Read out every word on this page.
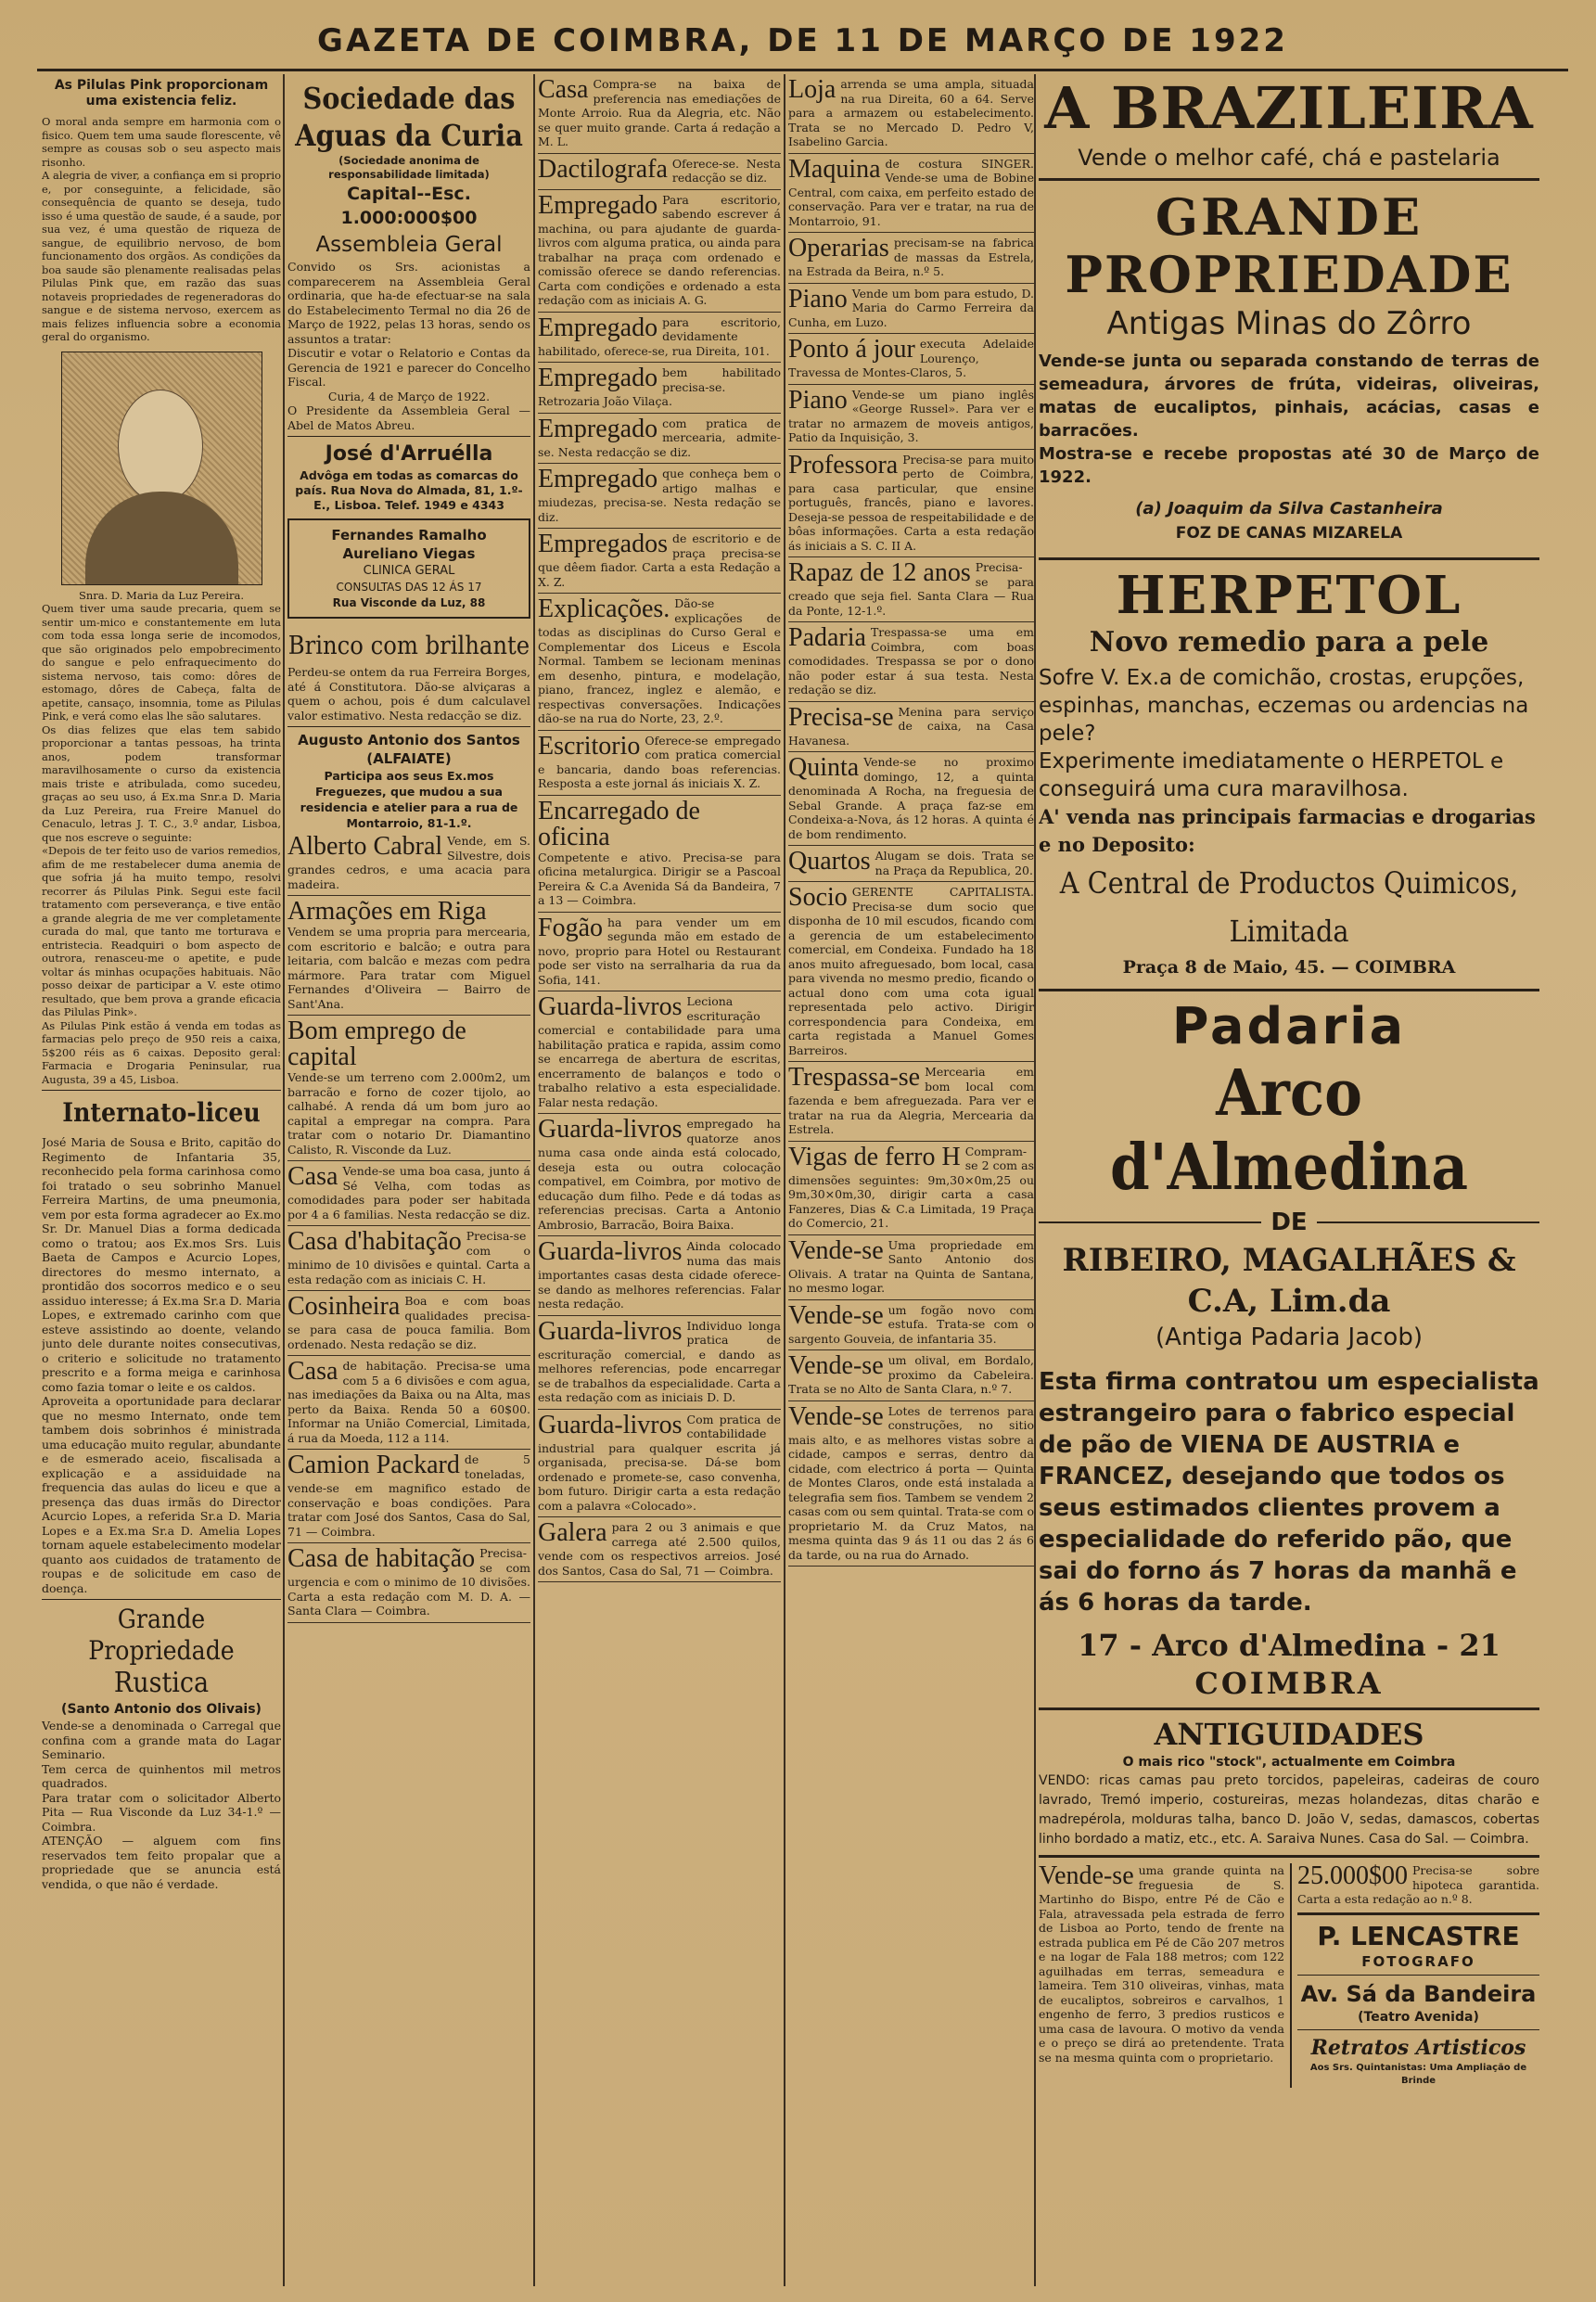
GAZETA DE COIMBRA, DE 11 DE MARÇO DE 1922

As Pilulas Pink proporcionam uma existencia feliz.

O moral anda sempre em harmonia com o fisico. Quem tem uma saude florescente, vê sempre as cousas sob o seu aspecto mais risonho.

A alegria de viver, a confiança em si proprio e, por conseguinte, a felicidade, são consequência de quanto se deseja, tudo isso é uma questão de saude, é a saude, por sua vez, é uma questão de riqueza de sangue, de equilibrio nervoso, de bom funcionamento dos orgãos. As condições da boa saude são plenamente realisadas pelas Pilulas Pink que, em razão das suas notaveis propriedades de regeneradoras do sangue e de sistema nervoso, exercem as mais felizes influencia sobre a economia geral do organismo.

Snra. D. Maria da Luz Pereira.

Quem tiver uma saude precaria, quem se sentir um-mico e constantemente em luta com toda essa longa serie de incomodos, que são originados pelo empobrecimento do sangue e pelo enfraquecimento do sistema nervoso, tais como: dôres de estomago, dôres de Cabeça, falta de apetite, cansaço, insomnia, tome as Pilulas Pink, e verá como elas lhe são salutares.

Os dias felizes que elas tem sabido proporcionar a tantas pessoas, ha trinta anos, podem transformar maravilhosamente o curso da existencia mais triste e atribulada, como sucedeu, graças ao seu uso, á Ex.ma Snr.a D. Maria da Luz Pereira, rua Freire Manuel do Cenaculo, letras J. T. C., 3.º andar, Lisboa, que nos escreve o seguinte:

«Depois de ter feito uso de varios remedios, afim de me restabelecer duma anemia de que sofria já ha muito tempo, resolvi recorrer ás Pilulas Pink. Segui este facil tratamento com perseverança, e tive então a grande alegria de me ver completamente curada do mal, que tanto me torturava e entristecia. Readquiri o bom aspecto de outrora, renasceu-me o apetite, e pude voltar ás minhas ocupações habituais. Não posso deixar de participar a V. este otimo resultado, que bem prova a grande eficacia das Pilulas Pink».

As Pilulas Pink estão á venda em todas as farmacias pelo preço de 950 reis a caixa, 5$200 réis as 6 caixas. Deposito geral: Farmacia e Drogaria Peninsular, rua Augusta, 39 a 45, Lisboa.

Internato-liceu

José Maria de Sousa e Brito, capitão do Regimento de Infantaria 35, reconhecido pela forma carinhosa como foi tratado o seu sobrinho Manuel Ferreira Martins, de uma pneumonia, vem por esta forma agradecer ao Ex.mo Sr. Dr. Manuel Dias a forma dedicada como o tratou; aos Ex.mos Srs. Luis Baeta de Campos e Acurcio Lopes, directores do mesmo internato, a prontidão dos socorros medico e o seu assiduo interesse; á Ex.ma Sr.a D. Maria Lopes, e extremado carinho com que esteve assistindo ao doente, velando junto dele durante noites consecutivas, o criterio e solicitude no tratamento prescrito e a forma meiga e carinhosa como fazia tomar o leite e os caldos.

Aproveita a oportunidade para declarar que no mesmo Internato, onde tem tambem dois sobrinhos é ministrada uma educação muito regular, abundante e de esmerado aceio, fiscalisada a explicação e a assiduidade na frequencia das aulas do liceu e que a presença das duas irmãs do Director Acurcio Lopes, a referida Sr.a D. Maria Lopes e a Ex.ma Sr.a D. Amelia Lopes tornam aquele estabelecimento modelar quanto aos cuidados de tratamento de roupas e de solicitude em caso de doença.

Grande Propriedade

Rustica

(Santo Antonio dos Olivais)

Vende-se a denominada o Carregal que confina com a grande mata do Lagar Seminario.

Tem cerca de quinhentos mil metros quadrados.

Para tratar com o solicitador Alberto Pita — Rua Visconde da Luz 34-1.º — Coimbra.

ATENÇÃO — alguem com fins reservados tem feito propalar que a propriedade que se anuncia está vendida, o que não é verdade.

Sociedade das

Aguas da Curia

(Sociedade anonima de responsabilidade limitada)

Capital--Esc. 1.000:000$00

Assembleia Geral

Convido os Srs. acionistas a comparecerem na Assembleia Geral ordinaria, que ha-de efectuar-se na sala do Estabelecimento Termal no dia 26 de Março de 1922, pelas 13 horas, sendo os assuntos a tratar:

Discutir e votar o Relatorio e Contas da Gerencia de 1921 e parecer do Concelho Fiscal.

Curia, 4 de Março de 1922.

O Presidente da Assembleia Geral — Abel de Matos Abreu.

José d'Arruélla

Advôga em todas as comarcas do país. Rua Nova do Almada, 81, 1.º-E., Lisboa. Telef. 1949 e 4343

Fernandes Ramalho

Aureliano Viegas

CLINICA GERAL

CONSULTAS DAS 12 ÁS 17

Rua Visconde da Luz, 88

Brinco com brilhante

Perdeu-se ontem da rua Ferreira Borges, até á Constitutora. Dão-se alviçaras a quem o achou, pois é dum calculavel valor estimativo. Nesta redacção se diz.

Augusto Antonio dos Santos

(ALFAIATE)

Participa aos seus Ex.mos Freguezes, que mudou a sua residencia e atelier para a rua de Montarroio, 81-1.º.

Alberto Cabral Vende, em S. Silvestre, dois grandes cedros, e uma acacia para madeira.

Armações em Riga

Vendem se uma propria para mercearia, com escritorio e balcão; e outra para leitaria, com balcão e mezas com pedra mármore. Para tratar com Miguel Fernandes d'Oliveira — Bairro de Sant'Ana.

Bom emprego de capital

Vende-se um terreno com 2.000m2, um barracão e forno de cozer tijolo, ao calhabé. A renda dá um bom juro ao capital a empregar na compra. Para tratar com o notario Dr. Diamantino Calisto, R. Visconde da Luz.

Casa Vende-se uma boa casa, junto á Sé Velha, com todas as comodidades para poder ser habitada por 4 a 6 familias. Nesta redacção se diz.

Casa d'habitação Precisa-se com o minimo de 10 divisões e quintal. Carta a esta redação com as iniciais C. H.

Cosinheira Boa e com boas qualidades precisa-se para casa de pouca familia. Bom ordenado. Nesta redação se diz.

Casa de habitação. Precisa-se uma com 5 a 6 divisões e com agua, nas imediações da Baixa ou na Alta, mas perto da Baixa. Renda 50 a 60$00. Informar na União Comercial, Limitada, á rua da Moeda, 112 a 114.

Camion Packard de 5 toneladas, vende-se em magnifico estado de conservação e boas condições. Para tratar com José dos Santos, Casa do Sal, 71 — Coimbra.

Casa de habitação Precisa-se com urgencia e com o minimo de 10 divisões. Carta a esta redação com M. D. A. — Santa Clara — Coimbra.

Casa Compra-se na baixa de preferencia nas emediações de Monte Arroio. Rua da Alegria, etc. Não se quer muito grande. Carta á redação a M. L.

Dactilografa Oferece-se. Nesta redacção se diz.

Empregado Para escritorio, sabendo escrever á machina, ou para ajudante de guarda-livros com alguma pratica, ou ainda para trabalhar na praça com ordenado e comissão oferece se dando referencias. Carta com condições e ordenado a esta redação com as iniciais A. G.

Empregado para escritorio, devidamente habilitado, oferece-se, rua Direita, 101.

Empregado bem habilitado precisa-se. Retrozaria João Vilaça.

Empregado com pratica de mercearia, admite-se. Nesta redacção se diz.

Empregado que conheça bem o artigo malhas e miudezas, precisa-se. Nesta redação se diz.

Empregados de escritorio e de praça precisa-se que dêem fiador. Carta a esta Redação a X. Z.

Explicações. Dão-se explicações de todas as disciplinas do Curso Geral e Complementar dos Liceus e Escola Normal. Tambem se lecionam meninas em desenho, pintura, e modelação, piano, francez, inglez e alemão, e respectivas conversações. Indicações dão-se na rua do Norte, 23, 2.º.

Escritorio Oferece-se empregado com pratica comercial e bancaria, dando boas referencias. Resposta a este jornal ás iniciais X. Z.

Encarregado de oficina

Competente e ativo. Precisa-se para oficina metalurgica. Dirigir se a Pascoal Pereira & C.a Avenida Sá da Bandeira, 7 a 13 — Coimbra.

Fogão ha para vender um em segunda mão em estado de novo, proprio para Hotel ou Restaurant pode ser visto na serralharia da rua da Sofia, 141.

Guarda-livros Leciona escrituração comercial e contabilidade para uma habilitação pratica e rapida, assim como se encarrega de abertura de escritas, encerramento de balanços e todo o trabalho relativo a esta especialidade. Falar nesta redação.

Guarda-livros empregado ha quatorze anos numa casa onde ainda está colocado, deseja esta ou outra colocação compativel, em Coimbra, por motivo de educação dum filho. Pede e dá todas as referencias precisas. Carta a Antonio Ambrosio, Barracão, Boira Baixa.

Guarda-livros Ainda colocado numa das mais importantes casas desta cidade oferece-se dando as melhores referencias. Falar nesta redação.

Guarda-livros Individuo longa pratica de escrituração comercial, e dando as melhores referencias, pode encarregar se de trabalhos da especialidade. Carta a esta redação com as iniciais D. D.

Guarda-livros Com pratica de contabilidade industrial para qualquer escrita já organisada, precisa-se. Dá-se bom ordenado e promete-se, caso convenha, bom futuro. Dirigir carta a esta redação com a palavra «Colocado».

Galera para 2 ou 3 animais e que carrega até 2.500 quilos, vende com os respectivos arreios. José dos Santos, Casa do Sal, 71 — Coimbra.

Loja arrenda se uma ampla, situada na rua Direita, 60 a 64. Serve para a armazem ou estabelecimento. Trata se no Mercado D. Pedro V, Isabelino Garcia.

Maquina de costura SINGER. Vende-se uma de Bobine Central, com caixa, em perfeito estado de conservação. Para ver e tratar, na rua de Montarroio, 91.

Operarias precisam-se na fabrica de massas da Estrela, na Estrada da Beira, n.º 5.

Piano Vende um bom para estudo, D. Maria do Carmo Ferreira da Cunha, em Luzo.

Ponto á jour executa Adelaide Lourenço, Travessa de Montes-Claros, 5.

Piano Vende-se um piano inglês «George Russel». Para ver e tratar no armazem de moveis antigos, Patio da Inquisição, 3.

Professora Precisa-se para muito perto de Coimbra, para casa particular, que ensine português, francês, piano e lavores. Deseja-se pessoa de respeitabilidade e de bôas informações. Carta a esta redação ás iniciais a S. C. II A.

Rapaz de 12 anos Precisa-se para creado que seja fiel. Santa Clara — Rua da Ponte, 12-1.º.

Padaria Trespassa-se uma em Coimbra, com boas comodidades. Trespassa se por o dono não poder estar á sua testa. Nesta redação se diz.

Precisa-se Menina para serviço de caixa, na Casa Havanesa.

Quinta Vende-se no proximo domingo, 12, a quinta denominada A Rocha, na freguesia de Sebal Grande. A praça faz-se em Condeixa-a-Nova, ás 12 horas. A quinta é de bom rendimento.

Quartos Alugam se dois. Trata se na Praça da Republica, 20.

Socio GERENTE CAPITALISTA. Precisa-se dum socio que disponha de 10 mil escudos, ficando com a gerencia de um estabelecimento comercial, em Condeixa. Fundado ha 18 anos muito afreguesado, bom local, casa para vivenda no mesmo predio, ficando o actual dono com uma cota igual representada pelo activo. Dirigir correspondencia para Condeixa, em carta registada a Manuel Gomes Barreiros.

Trespassa-se Mercearia em bom local com fazenda e bem afreguezada. Para ver e tratar na rua da Alegria, Mercearia da Estrela.

Vigas de ferro H Compram-se 2 com as dimensões seguintes: 9m,30×0m,25 ou 9m,30×0m,30, dirigir carta a casa Fanzeres, Dias & C.a Limitada, 19 Praça do Comercio, 21.

Vende-se Uma propriedade em Santo Antonio dos Olivais. A tratar na Quinta de Santana, no mesmo logar.

Vende-se um fogão novo com estufa. Trata-se com o sargento Gouveia, de infantaria 35.

Vende-se um olival, em Bordalo, proximo da Cabeleira. Trata se no Alto de Santa Clara, n.º 7.

Vende-se Lotes de terrenos para construções, no sitio mais alto, e as melhores vistas sobre a cidade, campos e serras, dentro da cidade, com electrico á porta — Quinta de Montes Claros, onde está instalada a telegrafia sem fios. Tambem se vendem 2 casas com ou sem quintal. Trata-se com o proprietario M. da Cruz Matos, na mesma quinta das 9 ás 11 ou das 2 ás 6 da tarde, ou na rua do Arnado.

A BRAZILEIRA

Vende o melhor café, chá e pastelaria

GRANDE

PROPRIEDADE

Antigas Minas do Zôrro

Vende-se junta ou separada constando de terras de semeadura, árvores de frúta, videiras, oliveiras, matas de eucaliptos, pinhais, acácias, casas e barracões.

Mostra-se e recebe propostas até 30 de Março de 1922.

(a) Joaquim da Silva Castanheira

FOZ DE CANAS MIZARELA

HERPETOL

Novo remedio para a pele

Sofre V. Ex.a de comichão, crostas, erupções, espinhas, manchas, eczemas ou ardencias na pele?

Experimente imediatamente o HERPETOL e conseguirá uma cura maravilhosa.

A' venda nas principais farmacias e drogarias e no Deposito:

A Central de Productos Quimicos, Limitada

Praça 8 de Maio, 45. — COIMBRA

Padaria

Arco d'Almedina

DE

RIBEIRO, MAGALHÃES & C.A, Lim.da

(Antiga Padaria Jacob)

Esta firma contratou um especialista estrangeiro para o fabrico especial de pão de VIENA DE AUSTRIA e FRANCEZ, desejando que todos os seus estimados clientes provem a especialidade do referido pão, que sai do forno ás 7 horas da manhã e ás 6 horas da tarde.

17 - Arco d'Almedina - 21

COIMBRA

ANTIGUIDADES

O mais rico "stock", actualmente em Coimbra

VENDO: ricas camas pau preto torcidos, papeleiras, cadeiras de couro lavrado, Tremó imperio, costureiras, mezas holandezas, ditas charão e madrepérola, molduras talha, banco D. João V, sedas, damascos, cobertas linho bordado a matiz, etc., etc. A. Saraiva Nunes. Casa do Sal. — Coimbra.

Vende-se uma grande quinta na freguesia de S. Martinho do Bispo, entre Pé de Cão e Fala, atravessada pela estrada de ferro de Lisboa ao Porto, tendo de frente na estrada publica em Pé de Cão 207 metros e na logar de Fala 188 metros; com 122 aguilhadas em terras, semeadura e lameira. Tem 310 oliveiras, vinhas, mata de eucaliptos, sobreiros e carvalhos, 1 engenho de ferro, 3 predios rusticos e uma casa de lavoura. O motivo da venda e o preço se dirá ao pretendente. Trata se na mesma quinta com o proprietario.

25.000$00 Precisa-se sobre hipoteca garantida. Carta a esta redação ao n.º 8.

P. LENCASTRE

FOTOGRAFO

Av. Sá da Bandeira

(Teatro Avenida)

Retratos Artisticos

Aos Srs. Quintanistas: Uma Ampliação de Brinde
